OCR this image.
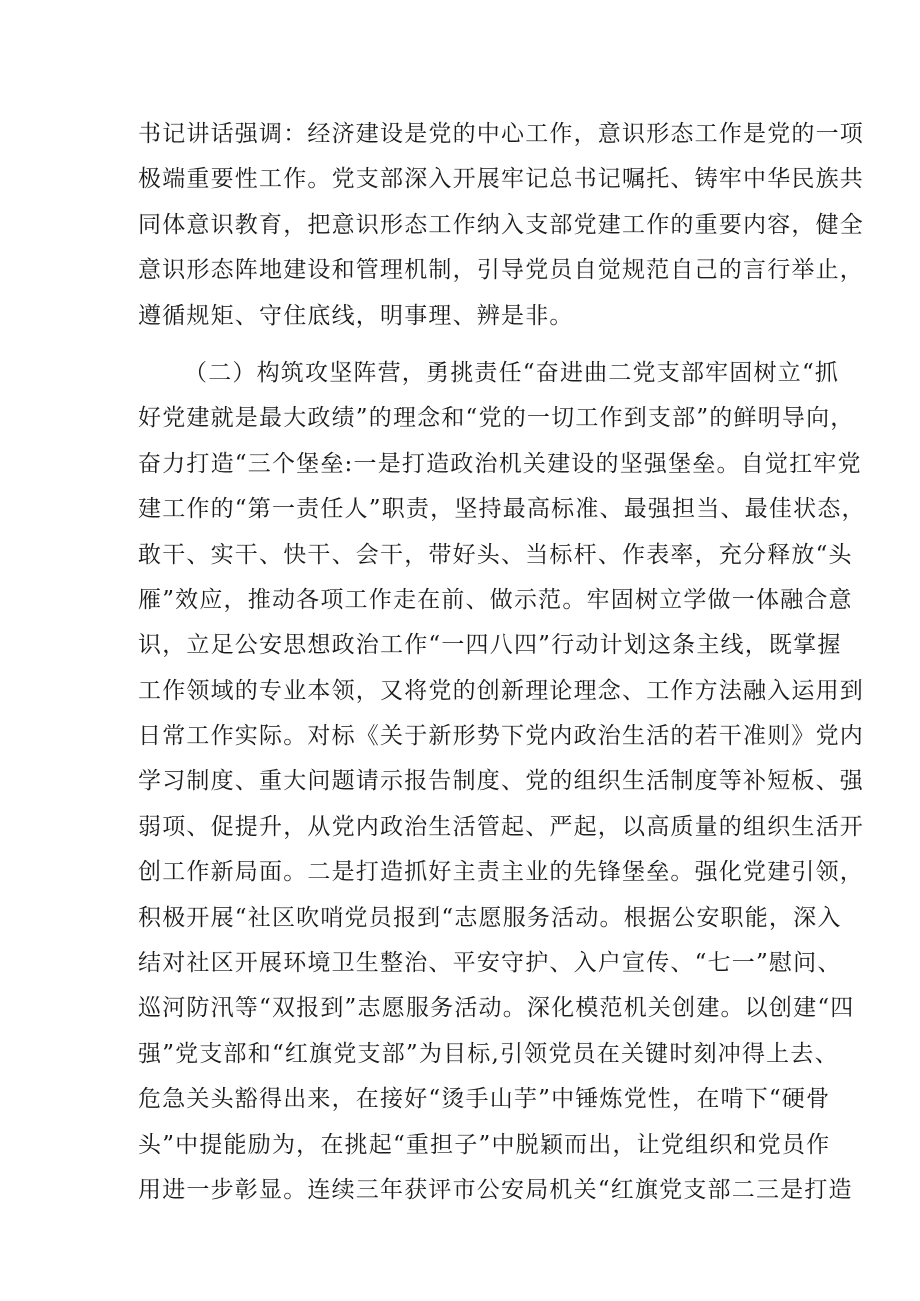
书记讲话强调：经济建设是党的中心工作，意识形态工作是党的一项
极端重要性工作。党支部深入开展牢记总书记嘱托、铸牢中华民族共
同体意识教育，把意识形态工作纳入支部党建工作的重要内容，健全
意识形态阵地建设和管理机制，引导党员自觉规范自己的言行举止，
遵循规矩、守住底线，明事理、辨是非。
（二）构筑攻坚阵营，勇挑责任“奋进曲二党支部牢固树立“抓
好党建就是最大政绩”的理念和“党的一切工作到支部”的鲜明导向，
奋力打造“三个堡垒:一是打造政治机关建设的坚强堡垒。自觉扛牢党
建工作的“第一责任人”职责，坚持最高标准、最强担当、最佳状态，
敢干、实干、快干、会干，带好头、当标杆、作表率，充分释放“头
雁”效应，推动各项工作走在前、做示范。牢固树立学做一体融合意
识，立足公安思想政治工作“一四八四”行动计划这条主线，既掌握
工作领域的专业本领，又将党的创新理论理念、工作方法融入运用到
日常工作实际。对标《关于新形势下党内政治生活的若干准则》党内
学习制度、重大问题请示报告制度、党的组织生活制度等补短板、强
弱项、促提升，从党内政治生活管起、严起，以高质量的组织生活开
创工作新局面。二是打造抓好主责主业的先锋堡垒。强化党建引领，
积极开展“社区吹哨党员报到“志愿服务活动。根据公安职能，深入
结对社区开展环境卫生整治、平安守护、入户宣传、“七一”慰问、
巡河防汛等“双报到”志愿服务活动。深化模范机关创建。以创建“四
强”党支部和“红旗党支部”为目标,引领党员在关键时刻冲得上去、
危急关头豁得出来，在接好“烫手山芋”中锤炼党性，在啃下“硬骨
头”中提能励为，在挑起“重担子”中脱颖而出，让党组织和党员作
用进一步彰显。连续三年获评市公安局机关“红旗党支部二三是打造
